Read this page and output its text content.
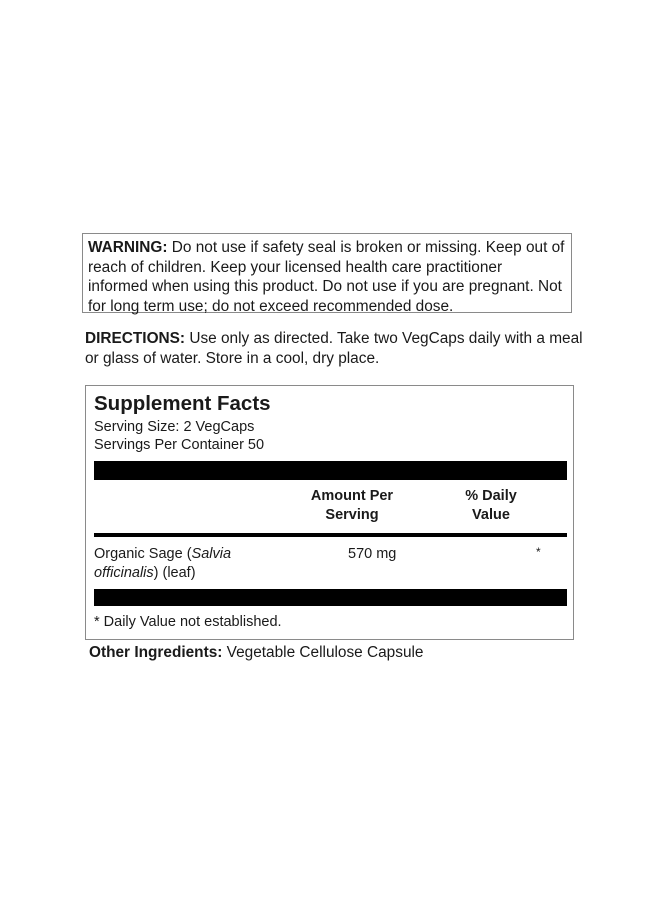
WARNING: Do not use if safety seal is broken or missing. Keep out of reach of children. Keep your licensed health care practitioner informed when using this product. Do not use if you are pregnant. Not for long term use; do not exceed recommended dose.
DIRECTIONS: Use only as directed. Take two VegCaps daily with a meal or glass of water. Store in a cool, dry place.
Supplement Facts
Serving Size: 2 VegCaps
Servings Per Container 50
Amount Per
Serving
% Daily
Value
Organic Sage (Salvia
officinalis) (leaf)
570 mg	*
* Daily Value not established.
Other Ingredients: Vegetable Cellulose Capsule
